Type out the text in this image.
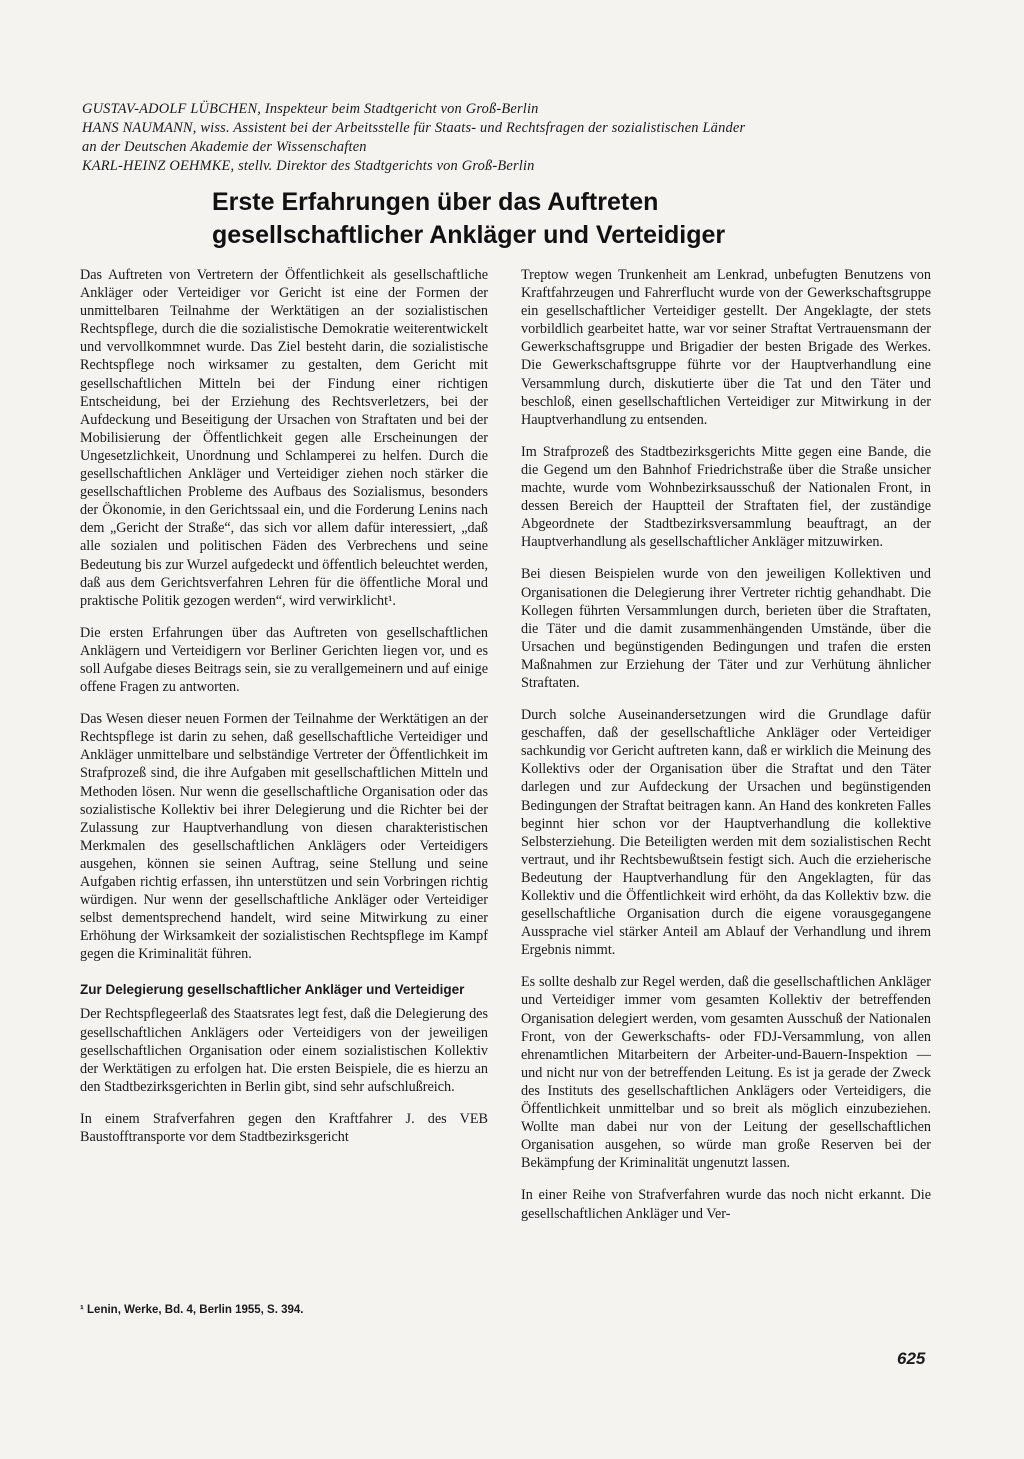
GUSTAV-ADOLF LÜBCHEN, Inspekteur beim Stadtgericht von Groß-Berlin
HANS NAUMANN, wiss. Assistent bei der Arbeitsstelle für Staats- und Rechtsfragen der sozialistischen Länder
an der Deutschen Akademie der Wissenschaften
KARL-HEINZ OEHMKE, stellv. Direktor des Stadtgerichts von Groß-Berlin
Erste Erfahrungen über das Auftreten
gesellschaftlicher Ankläger und Verteidiger

Das Auftreten von Vertretern der Öffentlichkeit als gesellschaftliche Ankläger oder Verteidiger vor Gericht ist eine der Formen der unmittelbaren Teilnahme der Werktätigen an der sozialistischen Rechtspflege, durch die die sozialistische Demokratie weiterentwickelt und vervollkommnet wurde. Das Ziel besteht darin, die sozialistische Rechtspflege noch wirksamer zu gestalten, dem Gericht mit gesellschaftlichen Mitteln bei der Findung einer richtigen Entscheidung, bei der Erziehung des Rechtsverletzers, bei der Aufdeckung und Beseitigung der Ursachen von Straftaten und bei der Mobilisierung der Öffentlichkeit gegen alle Erscheinungen der Ungesetzlichkeit, Unordnung und Schlamperei zu helfen. Durch die gesellschaftlichen Ankläger und Verteidiger ziehen noch stärker die gesellschaftlichen Probleme des Aufbaus des Sozialismus, besonders der Ökonomie, in den Gerichtssaal ein, und die Forderung Lenins nach dem „Gericht der Straße“, das sich vor allem dafür interessiert, „daß alle sozialen und politischen Fäden des Verbrechens und seine Bedeutung bis zur Wurzel aufgedeckt und öffentlich beleuchtet werden, daß aus dem Gerichtsverfahren Lehren für die öffentliche Moral und praktische Politik gezogen werden“, wird verwirklicht¹.

Die ersten Erfahrungen über das Auftreten von gesellschaftlichen Anklägern und Verteidigern vor Berliner Gerichten liegen vor, und es soll Aufgabe dieses Beitrags sein, sie zu verallgemeinern und auf einige offene Fragen zu antworten.

Das Wesen dieser neuen Formen der Teilnahme der Werktätigen an der Rechtspflege ist darin zu sehen, daß gesellschaftliche Verteidiger und Ankläger unmittelbare und selbständige Vertreter der Öffentlichkeit im Strafprozeß sind, die ihre Aufgaben mit gesellschaftlichen Mitteln und Methoden lösen. Nur wenn die gesellschaftliche Organisation oder das sozialistische Kollektiv bei ihrer Delegierung und die Richter bei der Zulassung zur Hauptverhandlung von diesen charakteristischen Merkmalen des gesellschaftlichen Anklägers oder Verteidigers ausgehen, können sie seinen Auftrag, seine Stellung und seine Aufgaben richtig erfassen, ihn unterstützen und sein Vorbringen richtig würdigen. Nur wenn der gesellschaftliche Ankläger oder Verteidiger selbst dementsprechend handelt, wird seine Mitwirkung zu einer Erhöhung der Wirksamkeit der sozialistischen Rechtspflege im Kampf gegen die Kriminalität führen.

Zur Delegierung gesellschaftlicher Ankläger und Verteidiger

Der Rechtspflegeerlaß des Staatsrates legt fest, daß die Delegierung des gesellschaftlichen Anklägers oder Verteidigers von der jeweiligen gesellschaftlichen Organisation oder einem sozialistischen Kollektiv der Werktätigen zu erfolgen hat. Die ersten Beispiele, die es hierzu an den Stadtbezirksgerichten in Berlin gibt, sind sehr aufschlußreich.

In einem Strafverfahren gegen den Kraftfahrer J. des VEB Baustofftransporte vor dem Stadtbezirksgericht

Treptow wegen Trunkenheit am Lenkrad, unbefugten Benutzens von Kraftfahrzeugen und Fahrerflucht wurde von der Gewerkschaftsgruppe ein gesellschaftlicher Verteidiger gestellt. Der Angeklagte, der stets vorbildlich gearbeitet hatte, war vor seiner Straftat Vertrauensmann der Gewerkschaftsgruppe und Brigadier der besten Brigade des Werkes. Die Gewerkschaftsgruppe führte vor der Hauptverhandlung eine Versammlung durch, diskutierte über die Tat und den Täter und beschloß, einen gesellschaftlichen Verteidiger zur Mitwirkung in der Hauptverhandlung zu entsenden.

Im Strafprozeß des Stadtbezirksgerichts Mitte gegen eine Bande, die die Gegend um den Bahnhof Friedrichstraße über die Straße unsicher machte, wurde vom Wohnbezirksausschuß der Nationalen Front, in dessen Bereich der Hauptteil der Straftaten fiel, der zuständige Abgeordnete der Stadtbezirksversammlung beauftragt, an der Hauptverhandlung als gesellschaftlicher Ankläger mitzuwirken.

Bei diesen Beispielen wurde von den jeweiligen Kollektiven und Organisationen die Delegierung ihrer Vertreter richtig gehandhabt. Die Kollegen führten Versammlungen durch, berieten über die Straftaten, die Täter und die damit zusammenhängenden Umstände, über die Ursachen und begünstigenden Bedingungen und trafen die ersten Maßnahmen zur Erziehung der Täter und zur Verhütung ähnlicher Straftaten.

Durch solche Auseinandersetzungen wird die Grundlage dafür geschaffen, daß der gesellschaftliche Ankläger oder Verteidiger sachkundig vor Gericht auftreten kann, daß er wirklich die Meinung des Kollektivs oder der Organisation über die Straftat und den Täter darlegen und zur Aufdeckung der Ursachen und begünstigenden Bedingungen der Straftat beitragen kann. An Hand des konkreten Falles beginnt hier schon vor der Hauptverhandlung die kollektive Selbsterziehung. Die Beteiligten werden mit dem sozialistischen Recht vertraut, und ihr Rechtsbewußtsein festigt sich. Auch die erzieherische Bedeutung der Hauptverhandlung für den Angeklagten, für das Kollektiv und die Öffentlichkeit wird erhöht, da das Kollektiv bzw. die gesellschaftliche Organisation durch die eigene vorausgegangene Aussprache viel stärker Anteil am Ablauf der Verhandlung und ihrem Ergebnis nimmt.

Es sollte deshalb zur Regel werden, daß die gesellschaftlichen Ankläger und Verteidiger immer vom gesamten Kollektiv der betreffenden Organisation delegiert werden, vom gesamten Ausschuß der Nationalen Front, von der Gewerkschafts- oder FDJ-Versammlung, von allen ehrenamtlichen Mitarbeitern der Arbeiter-und-Bauern-Inspektion — und nicht nur von der betreffenden Leitung. Es ist ja gerade der Zweck des Instituts des gesellschaftlichen Anklägers oder Verteidigers, die Öffentlichkeit unmittelbar und so breit als möglich einzubeziehen. Wollte man dabei nur von der Leitung der gesellschaftlichen Organisation ausgehen, so würde man große Reserven bei der Bekämpfung der Kriminalität ungenutzt lassen.

In einer Reihe von Strafverfahren wurde das noch nicht erkannt. Die gesellschaftlichen Ankläger und Ver-

¹ Lenin, Werke, Bd. 4, Berlin 1955, S. 394.
625
